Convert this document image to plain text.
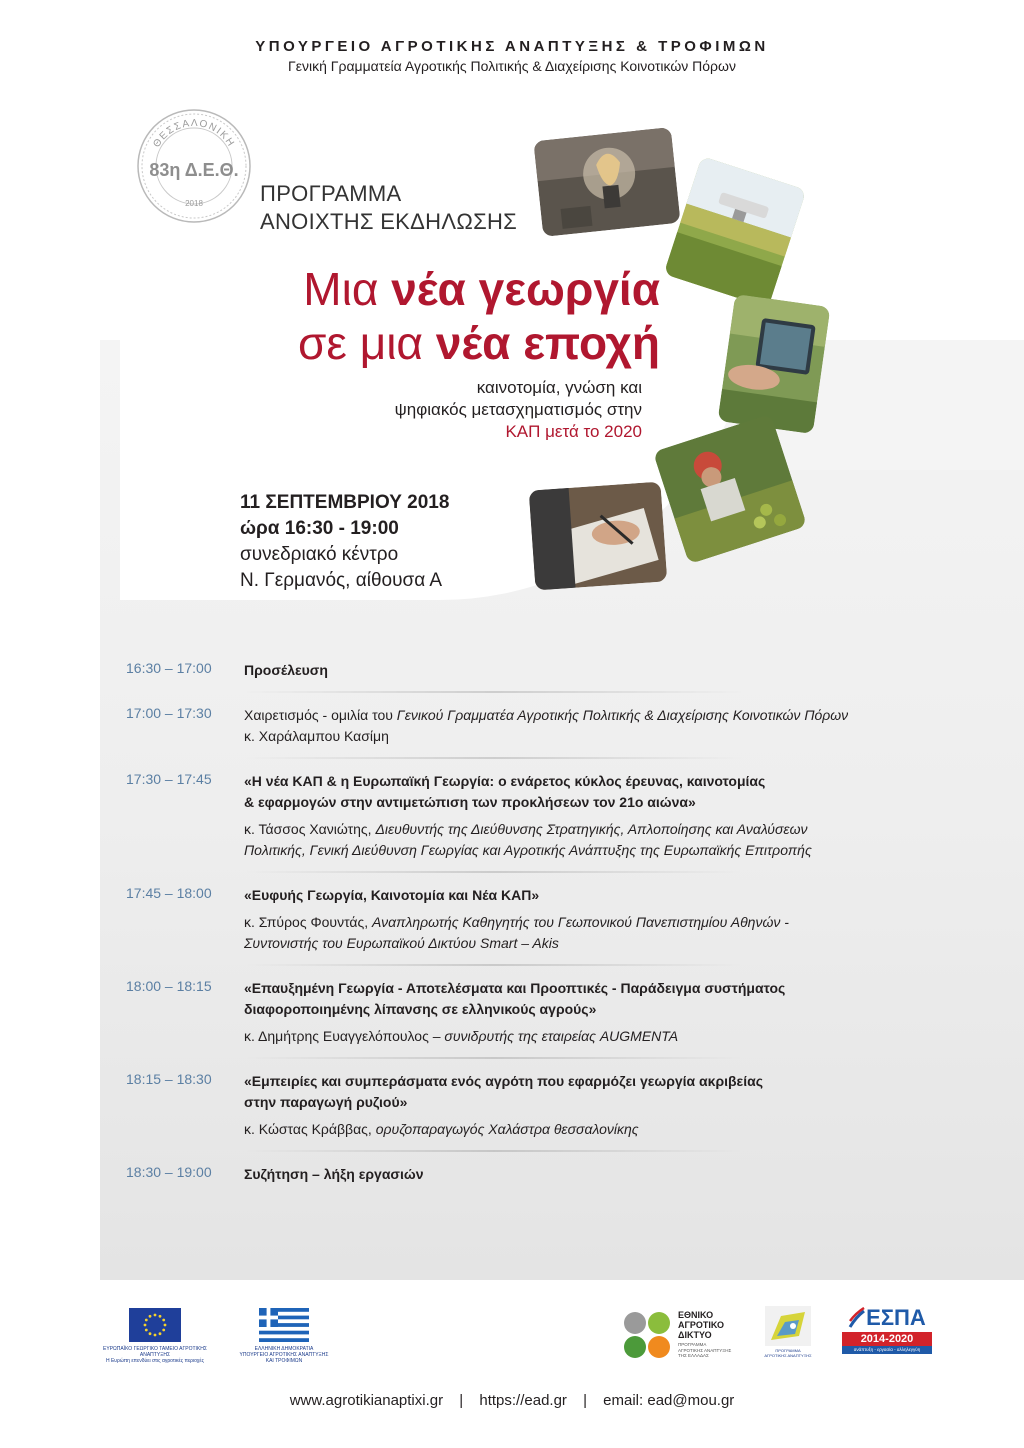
ΥΠΟΥΡΓΕΙΟ ΑΓΡΟΤΙΚΗΣ ΑΝΑΠΤΥΞΗΣ & ΤΡΟΦΙΜΩΝ
Γενική Γραμματεία Αγροτικής Πολιτικής & Διαχείρισης Κοινοτικών Πόρων
ΘΕΣΣΑΛΟΝΙΚΗ
83η Δ.Ε.Θ.
2018	ΠΡΟΓΡΑΜΜΑ
ΑΝΟΙΧΤΗΣ ΕΚΔΗΛΩΣΗΣ
Μια νέα γεωργία
σε μια νέα εποχή
καινοτομία, γνώση και
ψηφιακός μετασχηματισμός στην
ΚΑΠ μετά το 2020
11 ΣΕΠΤΕΜΒΡΙΟΥ 2018
ώρα 16:30 - 19:00
συνεδριακό κέντρο
Ν. Γερμανός, αίθουσα Α
16:30 – 17:00	Προσέλευση
17:00 – 17:30	Χαιρετισμός - ομιλία του Γενικού Γραμματέα Αγροτικής Πολιτικής & Διαχείρισης Κοινοτικών Πόρων
κ. Χαράλαμπου Κασίμη
17:30 – 17:45	«Η νέα ΚΑΠ & η Ευρωπαϊκή Γεωργία: ο ενάρετος κύκλος έρευνας, καινοτομίας
& εφαρμογών στην αντιμετώπιση των προκλήσεων τον 21ο αιώνα»
κ. Τάσσος Χανιώτης, Διευθυντής της Διεύθυνσης Στρατηγικής, Απλοποίησης και Αναλύσεων
Πολιτικής, Γενική Διεύθυνση Γεωργίας και Αγροτικής Ανάπτυξης της Ευρωπαϊκής Επιτροπής
17:45 – 18:00	«Ευφυής Γεωργία, Καινοτομία και Νέα ΚΑΠ»
κ. Σπύρος Φουντάς, Αναπληρωτής Καθηγητής του Γεωπονικού Πανεπιστημίου Αθηνών -
Συντονιστής του Ευρωπαϊκού Δικτύου Smart – Akis
18:00 – 18:15	«Επαυξημένη Γεωργία - Αποτελέσματα και Προοπτικές - Παράδειγμα συστήματος
διαφοροποιημένης λίπανσης σε ελληνικούς αγρούς»
κ. Δημήτρης Ευαγγελόπουλος – συνιδρυτής της εταιρείας AUGMENTA
18:15 – 18:30	«Εμπειρίες και συμπεράσματα ενός αγρότη που εφαρμόζει γεωργία ακριβείας
στην παραγωγή ρυζιού»
κ. Κώστας Κράββας, ορυζοπαραγωγός Χαλάστρα θεσσαλονίκης
18:30 – 19:00	Συζήτηση – λήξη εργασιών
ΕΥΡΩΠΑΪΚΟ ΓΕΩΡΓΙΚΟ ΤΑΜΕΙΟ ΑΓΡΟΤΙΚΗΣ ΑΝΑΠΤΥΞΗΣ
Η Ευρώπη επενδύει στις αγροτικές περιοχές
ΕΛΛΗΝΙΚΗ ΔΗΜΟΚΡΑΤΙΑ
ΥΠΟΥΡΓΕΙΟ ΑΓΡΟΤΙΚΗΣ ΑΝΑΠΤΥΞΗΣ ΚΑΙ ΤΡΟΦΙΜΩΝ
ΕΘΝΙΚΟ
ΑΓΡΟΤΙΚΟ
ΔΙΚΤΥΟ
ΠΡΟΓΡΑΜΜΑ
ΑΓΡΟΤΙΚΗΣ ΑΝΑΠΤΥΞΗΣ
ΤΗΣ ΕΛΛΑΔΑΣ
ΠΡΟΓΡΑΜΜΑ ΑΓΡΟΤΙΚΗΣ ΑΝΑΠΤΥΞΗΣ
ΕΣΠΑ
2014-2020
ανάπτυξη - εργασία - αλληλεγγύη
www.agrotikianaptixi.gr | https://ead.gr | email: ead@mou.gr
